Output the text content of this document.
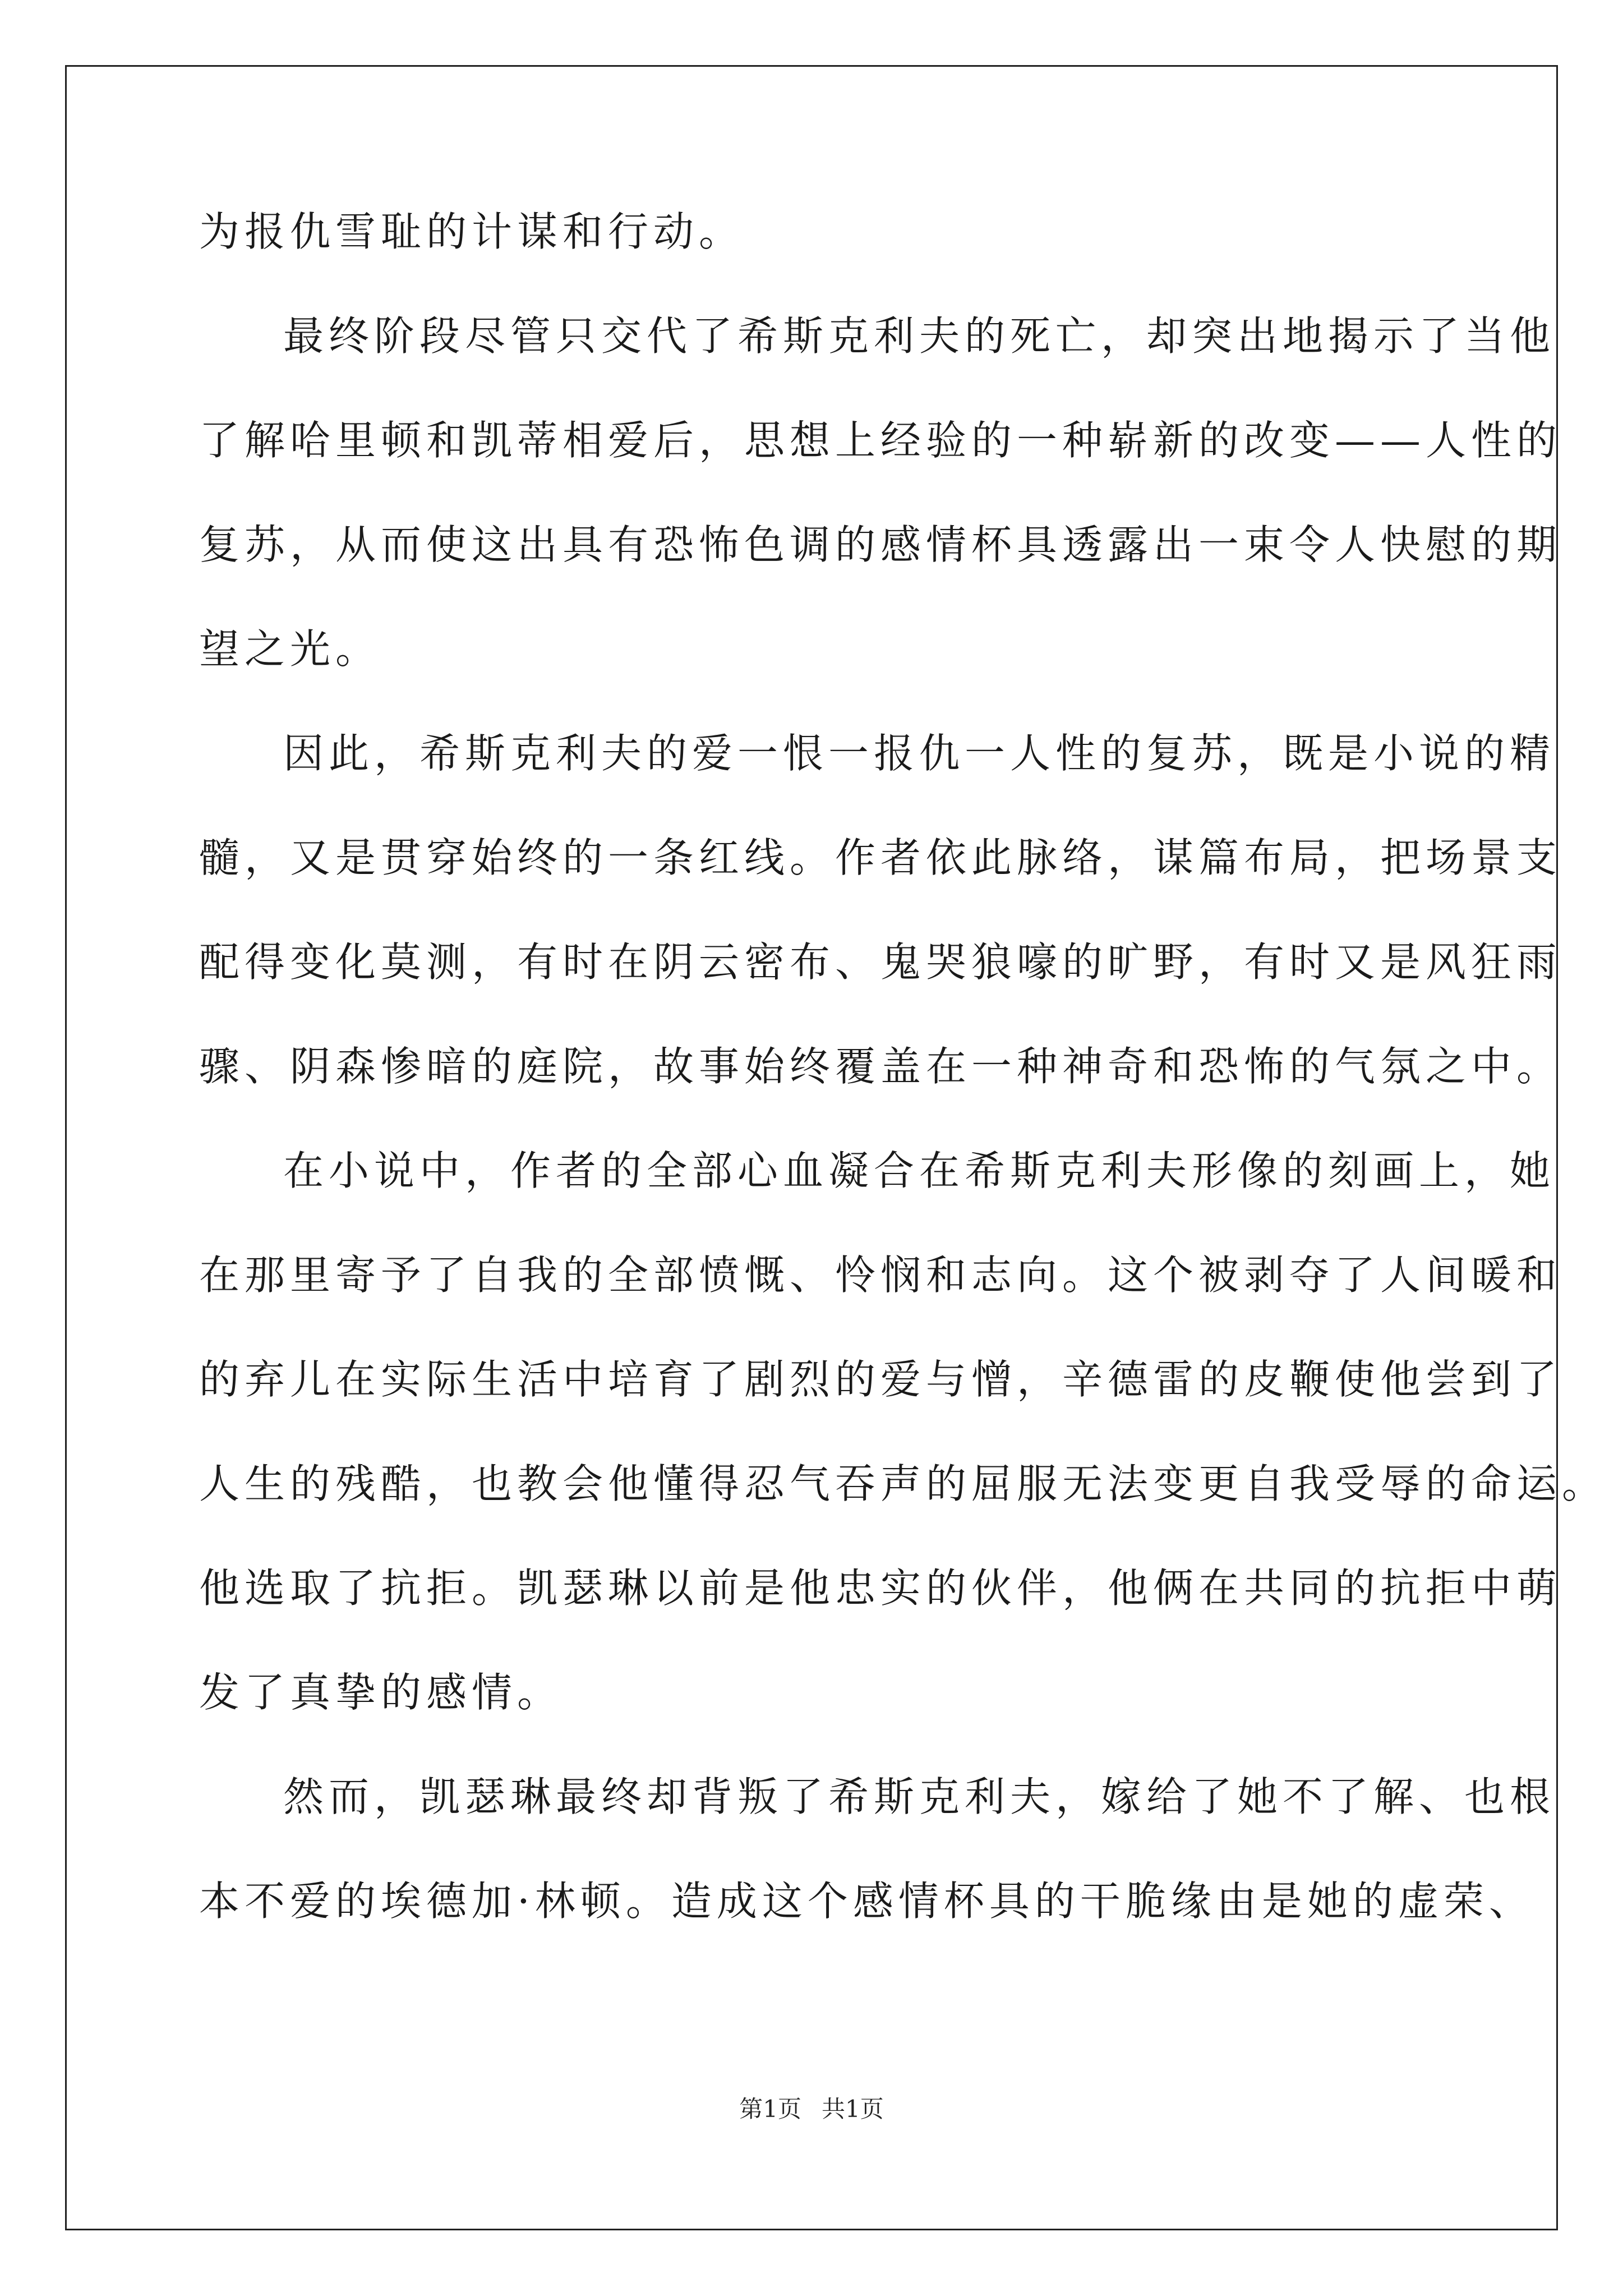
为报仇雪耻的计谋和行动。
最终阶段尽管只交代了希斯克利夫的死亡，却突出地揭示了当他
了解哈里顿和凯蒂相爱后，思想上经验的一种崭新的改变——人性的
复苏，从而使这出具有恐怖色调的感情杯具透露出一束令人快慰的期
望之光。
因此，希斯克利夫的爱一恨一报仇一人性的复苏，既是小说的精
髓，又是贯穿始终的一条红线。作者依此脉络，谋篇布局，把场景支
配得变化莫测，有时在阴云密布、鬼哭狼嚎的旷野，有时又是风狂雨
骤、阴森惨暗的庭院，故事始终覆盖在一种神奇和恐怖的气氛之中。
在小说中，作者的全部心血凝合在希斯克利夫形像的刻画上，她
在那里寄予了自我的全部愤慨、怜悯和志向。这个被剥夺了人间暖和
的弃儿在实际生活中培育了剧烈的爱与憎，辛德雷的皮鞭使他尝到了
人生的残酷，也教会他懂得忍气吞声的屈服无法变更自我受辱的命运。
他选取了抗拒。凯瑟琳以前是他忠实的伙伴，他俩在共同的抗拒中萌
发了真挚的感情。
然而，凯瑟琳最终却背叛了希斯克利夫，嫁给了她不了解、也根
本不爱的埃德加·林顿。造成这个感情杯具的干脆缘由是她的虚荣、
第1页 共1页
